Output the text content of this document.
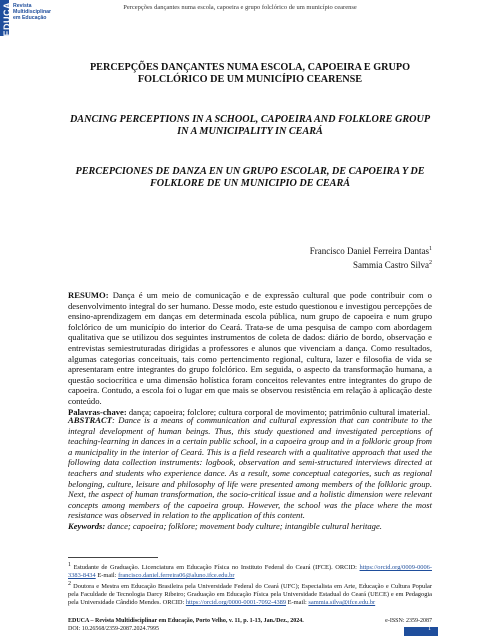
EDUCA Revista
Multidisciplinar
em Educação
Percepções dançantes numa escola, capoeira e grupo folclórico de um município cearense
PERCEPÇÕES DANÇANTES NUMA ESCOLA, CAPOEIRA E GRUPO FOLCLÓRICO DE UM MUNICÍPIO CEARENSE
DANCING PERCEPTIONS IN A SCHOOL, CAPOEIRA AND FOLKLORE GROUP IN A MUNICIPALITY IN CEARÁ
PERCEPCIONES DE DANZA EN UN GRUPO ESCOLAR, DE CAPOEIRA Y DE FOLKLORE DE UN MUNICIPIO DE CEARÁ
Francisco Daniel Ferreira Dantas$^1$
Sammia Castro Silva$^2$
RESUMO: Dança é um meio de comunicação e de expressão cultural que pode contribuir com o desenvolvimento integral do ser humano. Desse modo, este estudo questionou e investigou percepções de ensino-aprendizagem em danças em determinada escola pública, num grupo de capoeira e num grupo folclórico de um município do interior do Ceará. Trata-se de uma pesquisa de campo com abordagem qualitativa que se utilizou dos seguintes instrumentos de coleta de dados: diário de bordo, observação e entrevistas semiestruturadas dirigidas a professores e alunos que vivenciam a dança. Como resultados, algumas categorias conceituais, tais como pertencimento regional, cultura, lazer e filosofia de vida se apresentaram entre integrantes do grupo folclórico. Em seguida, o aspecto da transformação humana, a questão sociocrítica e uma dimensão holística foram conceitos relevantes entre integrantes do grupo de capoeira. Contudo, a escola foi o lugar em que mais se observou resistência em relação à aplicação deste conteúdo.
Palavras-chave: dança; capoeira; folclore; cultura corporal de movimento; patrimônio cultural imaterial.
ABSTRACT: Dance is a means of communication and cultural expression that can contribute to the integral development of human beings. Thus, this study questioned and investigated perceptions of teaching-learning in dances in a certain public school, in a capoeira group and in a folkloric group from a municipality in the interior of Ceará. This is a field research with a qualitative approach that used the following data collection instruments: logbook, observation and semi-structured interviews directed at teachers and students who experience dance. As a result, some conceptual categories, such as regional belonging, culture, leisure and philosophy of life were presented among members of the folkloric group. Next, the aspect of human transformation, the socio-critical issue and a holistic dimension were relevant concepts among members of the capoeira group. However, the school was the place where the most resistance was observed in relation to the application of this content.
Keywords: dance; capoeira; folklore; movement body culture; intangible cultural heritage.
$^1$ Estudante de Graduação. Licenciatura em Educação Física no Instituto Federal do Ceará (IFCE). ORCID: https://orcid.org/0009-0006-3383-8434 E-mail: francisco.daniel.ferreira06@aluno.ifce.edu.br
$^2$ Doutora e Mestra em Educação Brasileira pela Universidade Federal do Ceará (UFC); Especialista em Arte, Educação e Cultura Popular pela Faculdade de Tecnologia Darcy Ribeiro; Graduação em Educação Física pela Universidade Estadual do Ceará (UECE) e em Pedagogia pela Universidade Cândido Mendes. ORCID: https://orcid.org/0000-0001-7092-4389 E-mail: sammia.silva@ifce.edu.br
EDUCA – Revista Multidisciplinar em Educação, Porto Velho, v. 11, p. 1-13, Jan./Dez., 2024.	e-ISSN: 2359-2087
DOI: 10.26568/2359-2087.2024.7995	1
